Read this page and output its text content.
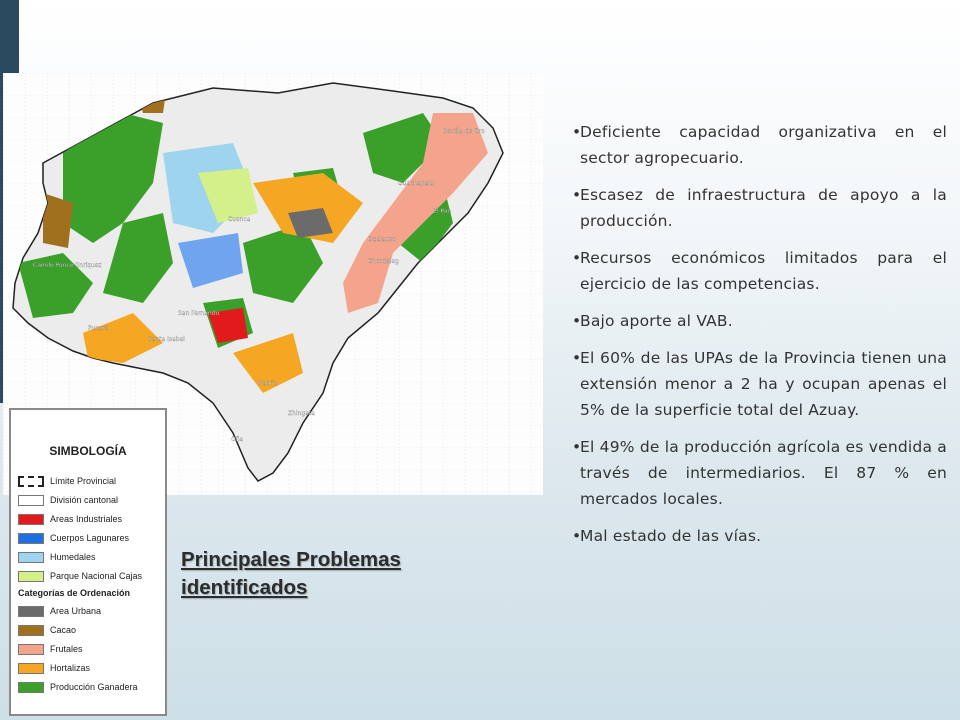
Sevilla de Oro
Guachapala
El Pan
Gualaceo
Chordeleg
Cuenca
Camilo Ponce Enríquez
San Fernando
Santa Isabel
Pucará
Nabón
Zhingata
Oña
SIMBOLOGÍA
Límite Provincial
División cantonal
Areas Industriales
Cuerpos Lagunares
Humedales
Parque Nacional Cajas
Categorías de Ordenación
Area Urbana
Cacao
Frutales
Hortalizas
Producción Ganadera
Principales Problemas
identificados
•
Deficiente capacidad organizativa en el sector agropecuario.
•
Escasez de infraestructura de apoyo a la producción.
•
Recursos económicos limitados para el ejercicio de las competencias.
•
Bajo aporte al VAB.
•
El 60% de las UPAs de la Provincia tienen una extensión menor a 2 ha y ocupan apenas el 5% de la superficie total del Azuay.
•
El 49% de la producción agrícola es vendida a través de intermediarios. El 87 % en mercados locales.
•
Mal estado de las vías.
